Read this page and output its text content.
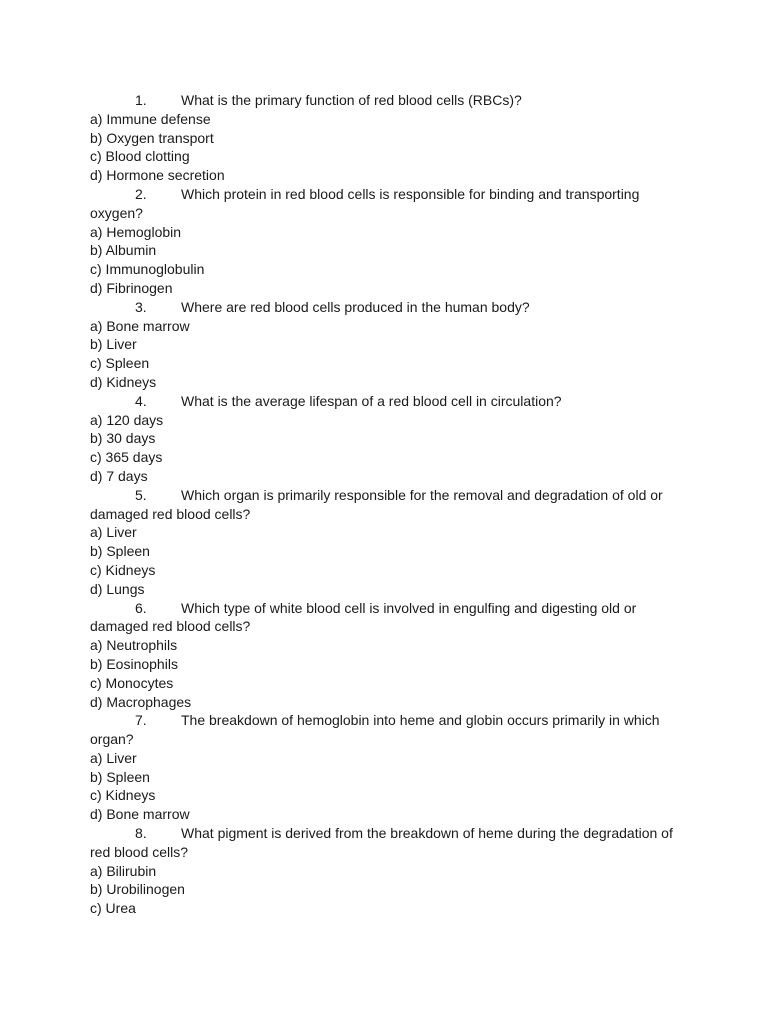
1. What is the primary function of red blood cells (RBCs)?
a) Immune defense
b) Oxygen transport
c) Blood clotting
d) Hormone secretion
2. Which protein in red blood cells is responsible for binding and transporting
oxygen?
a) Hemoglobin
b) Albumin
c) Immunoglobulin
d) Fibrinogen
3. Where are red blood cells produced in the human body?
a) Bone marrow
b) Liver
c) Spleen
d) Kidneys
4. What is the average lifespan of a red blood cell in circulation?
a) 120 days
b) 30 days
c) 365 days
d) 7 days
5. Which organ is primarily responsible for the removal and degradation of old or
damaged red blood cells?
a) Liver
b) Spleen
c) Kidneys
d) Lungs
6. Which type of white blood cell is involved in engulfing and digesting old or
damaged red blood cells?
a) Neutrophils
b) Eosinophils
c) Monocytes
d) Macrophages
7. The breakdown of hemoglobin into heme and globin occurs primarily in which
organ?
a) Liver
b) Spleen
c) Kidneys
d) Bone marrow
8. What pigment is derived from the breakdown of heme during the degradation of
red blood cells?
a) Bilirubin
b) Urobilinogen
c) Urea
